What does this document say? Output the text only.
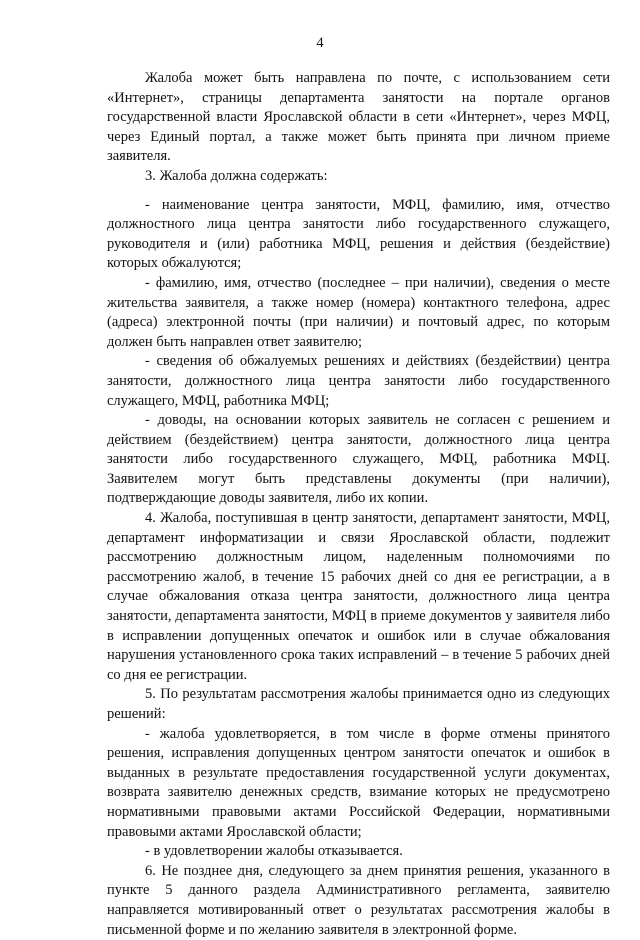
4

Жалоба может быть направлена по почте, с использованием сети «Интернет», страницы департамента занятости на портале органов государственной власти Ярославской области в сети «Интернет», через МФЦ, через Единый портал, а также может быть принята при личном приеме заявителя.

3. Жалоба должна содержать:

- наименование центра занятости, МФЦ, фамилию, имя, отчество должностного лица центра занятости либо государственного служащего, руководителя и (или) работника МФЦ, решения и действия (бездействие) которых обжалуются;

- фамилию, имя, отчество (последнее – при наличии), сведения о месте жительства заявителя, а также номер (номера) контактного телефона, адрес (адреса) электронной почты (при наличии) и почтовый адрес, по которым должен быть направлен ответ заявителю;

- сведения об обжалуемых решениях и действиях (бездействии) центра занятости, должностного лица центра занятости либо государственного служащего, МФЦ, работника МФЦ;

- доводы, на основании которых заявитель не согласен с решением и действием (бездействием) центра занятости, должностного лица центра занятости либо государственного служащего, МФЦ, работника МФЦ. Заявителем могут быть представлены документы (при наличии), подтверждающие доводы заявителя, либо их копии.

4. Жалоба, поступившая в центр занятости, департамент занятости, МФЦ, департамент информатизации и связи Ярославской области, подлежит рассмотрению должностным лицом, наделенным полномочиями по рассмотрению жалоб, в течение 15 рабочих дней со дня ее регистрации, а в случае обжалования отказа центра занятости, должностного лица центра занятости, департамента занятости, МФЦ в приеме документов у заявителя либо в исправлении допущенных опечаток и ошибок или в случае обжалования нарушения установленного срока таких исправлений – в течение 5 рабочих дней со дня ее регистрации.

5. По результатам рассмотрения жалобы принимается одно из следующих решений:

- жалоба удовлетворяется, в том числе в форме отмены принятого решения, исправления допущенных центром занятости опечаток и ошибок в выданных в результате предоставления государственной услуги документах, возврата заявителю денежных средств, взимание которых не предусмотрено нормативными правовыми актами Российской Федерации, нормативными правовыми актами Ярославской области;

- в удовлетворении жалобы отказывается.

6. Не позднее дня, следующего за днем принятия решения, указанного в пункте 5 данного раздела Административного регламента, заявителю направляется мотивированный ответ о результатах рассмотрения жалобы в письменной форме и по желанию заявителя в электронной форме.
